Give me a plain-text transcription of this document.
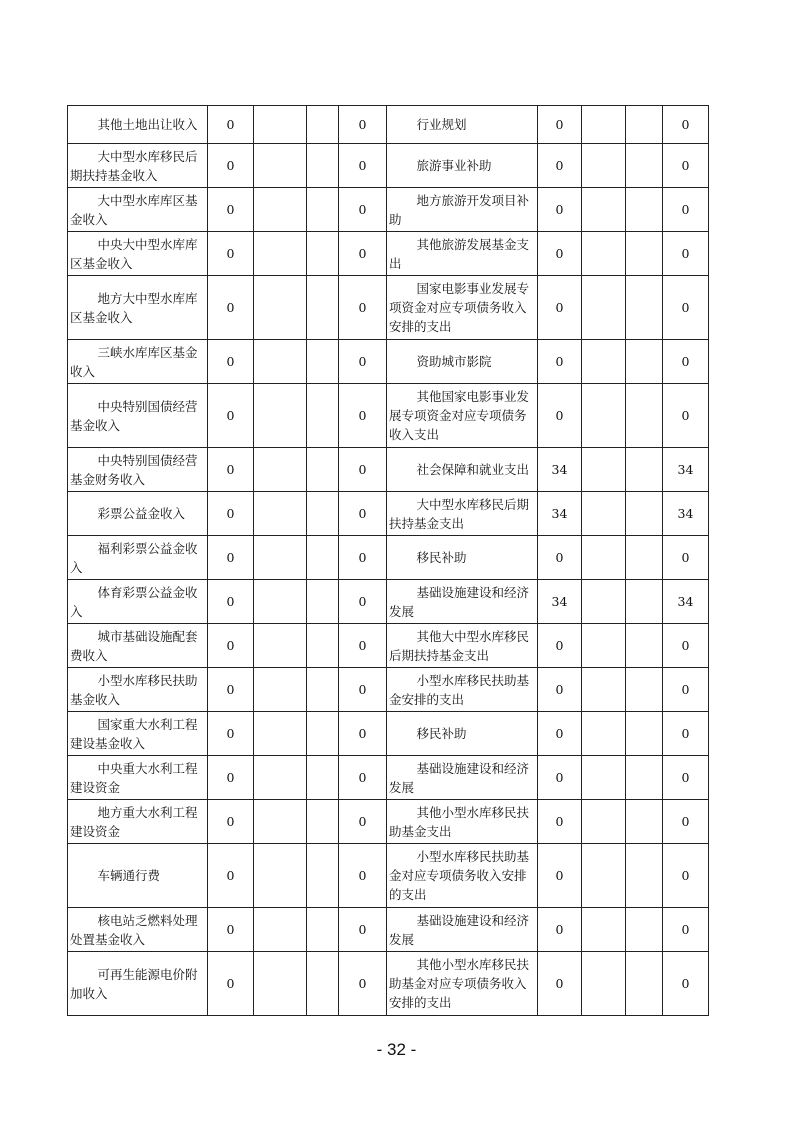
其他土地出让收入	0			0	行业规划	0			0
大中型水库移民后期扶持基金收入	0			0	旅游事业补助	0			0
大中型水库库区基金收入	0			0	地方旅游开发项目补助	0			0
中央大中型水库库区基金收入	0			0	其他旅游发展基金支出	0			0
地方大中型水库库区基金收入	0			0	国家电影事业发展专项资金对应专项债务收入安排的支出	0			0
三峡水库库区基金收入	0			0	资助城市影院	0			0
中央特别国债经营基金收入	0			0	其他国家电影事业发展专项资金对应专项债务收入支出	0			0
中央特别国债经营基金财务收入	0			0	社会保障和就业支出	34			34
彩票公益金收入	0			0	大中型水库移民后期扶持基金支出	34			34
福利彩票公益金收入	0			0	移民补助	0			0
体育彩票公益金收入	0			0	基础设施建设和经济发展	34			34
城市基础设施配套费收入	0			0	其他大中型水库移民后期扶持基金支出	0			0
小型水库移民扶助基金收入	0			0	小型水库移民扶助基金安排的支出	0			0
国家重大水利工程建设基金收入	0			0	移民补助	0			0
中央重大水利工程建设资金	0			0	基础设施建设和经济发展	0			0
地方重大水利工程建设资金	0			0	其他小型水库移民扶助基金支出	0			0
车辆通行费	0			0	小型水库移民扶助基金对应专项债务收入安排的支出	0			0
核电站乏燃料处理处置基金收入	0			0	基础设施建设和经济发展	0			0
可再生能源电价附加收入	0			0	其他小型水库移民扶助基金对应专项债务收入安排的支出	0			0
- 32 -
